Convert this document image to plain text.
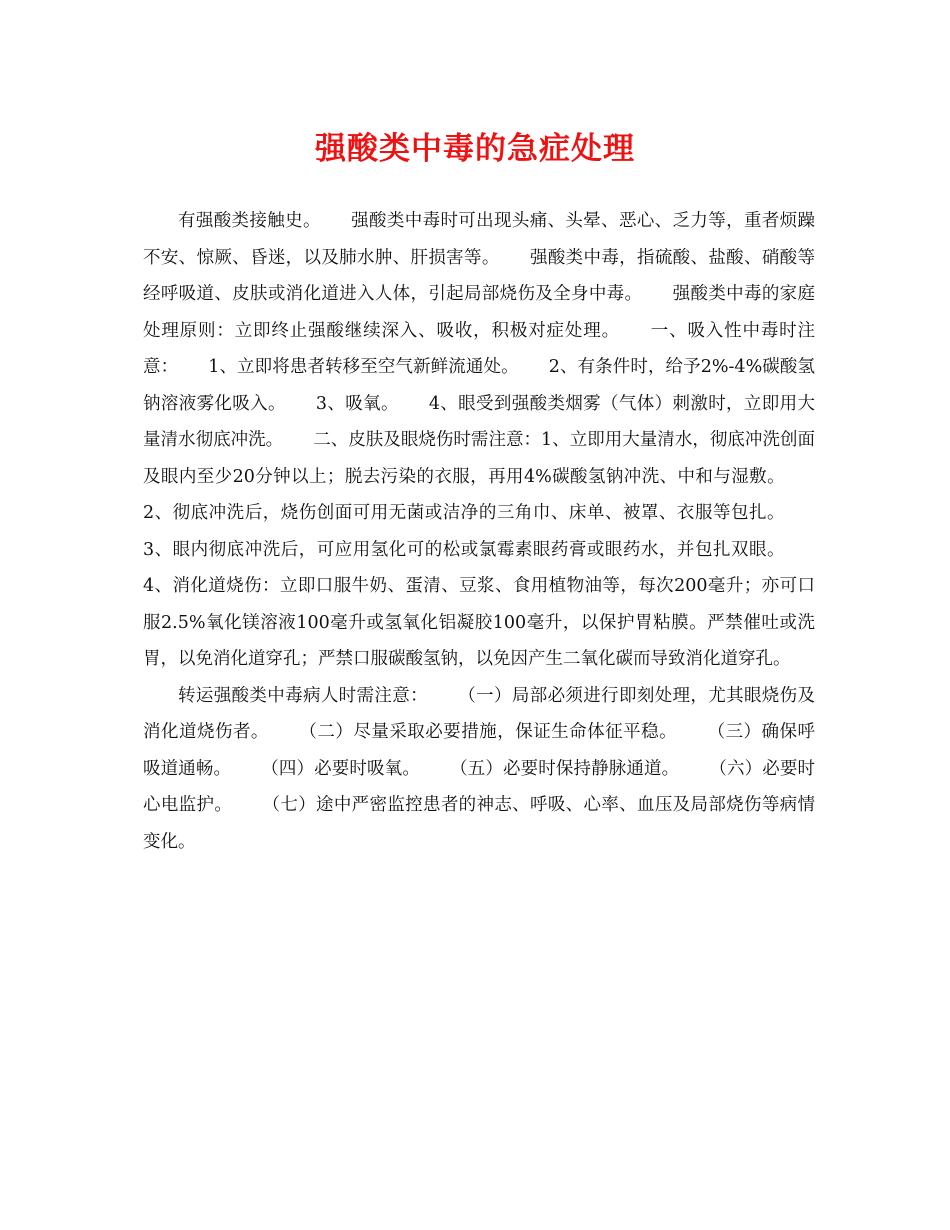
强酸类中毒的急症处理

有强酸类接触史。 强酸类中毒时可出现头痛、头晕、恶心、乏力等，重者烦躁不安、惊厥、昏迷，以及肺水肿、肝损害等。 强酸类中毒，指硫酸、盐酸、硝酸等经呼吸道、皮肤或消化道进入人体，引起局部烧伤及全身中毒。 强酸类中毒的家庭处理原则：立即终止强酸继续深入、吸收，积极对症处理。 一、吸入性中毒时注意： 1、立即将患者转移至空气新鲜流通处。 2、有条件时，给予2%-4%碳酸氢钠溶液雾化吸入。 3、吸氧。 4、眼受到强酸类烟雾（气体）刺激时，立即用大量清水彻底冲洗。 二、皮肤及眼烧伤时需注意：1、立即用大量清水，彻底冲洗创面及眼内至少20分钟以上；脱去污染的衣服，再用4%碳酸氢钠冲洗、中和与湿敷。2、彻底冲洗后，烧伤创面可用无菌或洁净的三角巾、床单、被罩、衣服等包扎。3、眼内彻底冲洗后，可应用氢化可的松或氯霉素眼药膏或眼药水，并包扎双眼。4、消化道烧伤：立即口服牛奶、蛋清、豆浆、食用植物油等，每次200毫升；亦可口服2.5%氧化镁溶液100毫升或氢氧化铝凝胶100毫升，以保护胃粘膜。严禁催吐或洗胃，以免消化道穿孔；严禁口服碳酸氢钠，以免因产生二氧化碳而导致消化道穿孔。

转运强酸类中毒病人时需注意： （一）局部必须进行即刻处理，尤其眼烧伤及消化道烧伤者。 （二）尽量采取必要措施，保证生命体征平稳。 （三）确保呼吸道通畅。 （四）必要时吸氧。 （五）必要时保持静脉通道。 （六）必要时心电监护。 （七）途中严密监控患者的神志、呼吸、心率、血压及局部烧伤等病情变化。
